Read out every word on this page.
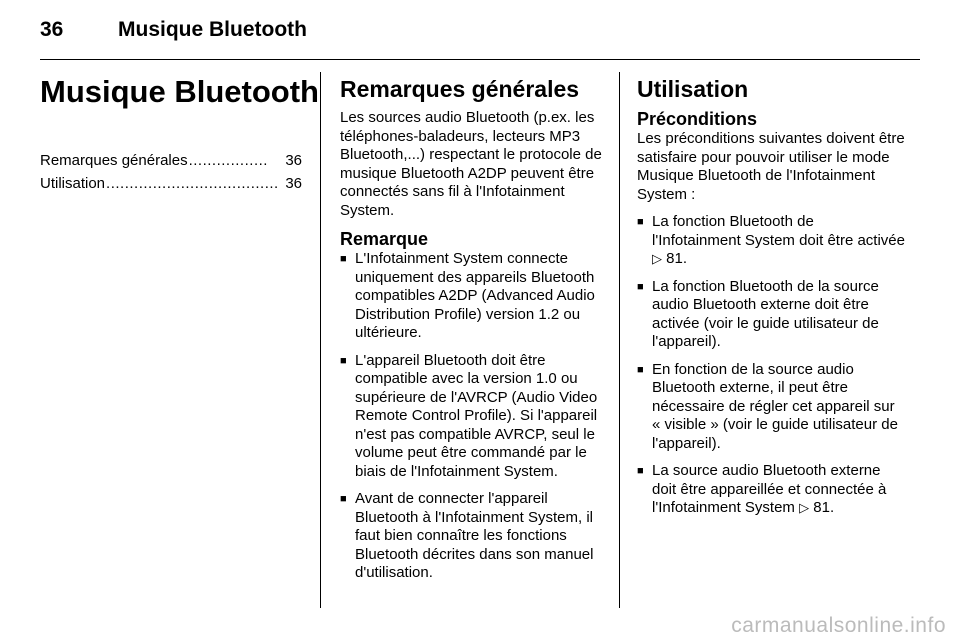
36	Musique Bluetooth
Musique Bluetooth
Remarques générales .................	36
Utilisation ..................................... 36
Remarques générales

Les sources audio Bluetooth (p.ex. les téléphones-baladeurs, lecteurs MP3 Bluetooth,...) respectant le protocole de musique Bluetooth A2DP peuvent être connectés sans fil à l'Infotainment System.

Remarque
■ L'Infotainment System connecte uniquement des appareils Bluetooth compatibles A2DP (Advanced Audio Distribution Profile) version 1.2 ou ultérieure.
■ L'appareil Bluetooth doit être compatible avec la version 1.0 ou supérieure de l'AVRCP (Audio Video Remote Control Profile). Si l'appareil n'est pas compatible AVRCP, seul le volume peut être commandé par le biais de l'Infotainment System.
■ Avant de connecter l'appareil Bluetooth à l'Infotainment System, il faut bien connaître les fonctions Bluetooth décrites dans son manuel d'utilisation.
Utilisation
Préconditions

Les préconditions suivantes doivent être satisfaire pour pouvoir utiliser le mode Musique Bluetooth de l'Infotainment System :

■ La fonction Bluetooth de l'Infotainment System doit être activée
▷ 81.
■ La fonction Bluetooth de la source audio Bluetooth externe doit être activée (voir le guide utilisateur de l'appareil).
■ En fonction de la source audio Bluetooth externe, il peut être nécessaire de régler cet appareil sur « visible » (voir le guide utilisateur de l'appareil).
■ La source audio Bluetooth externe doit être appareillée et connectée à l'Infotainment System ▷ 81.
carmanualsonline.info
